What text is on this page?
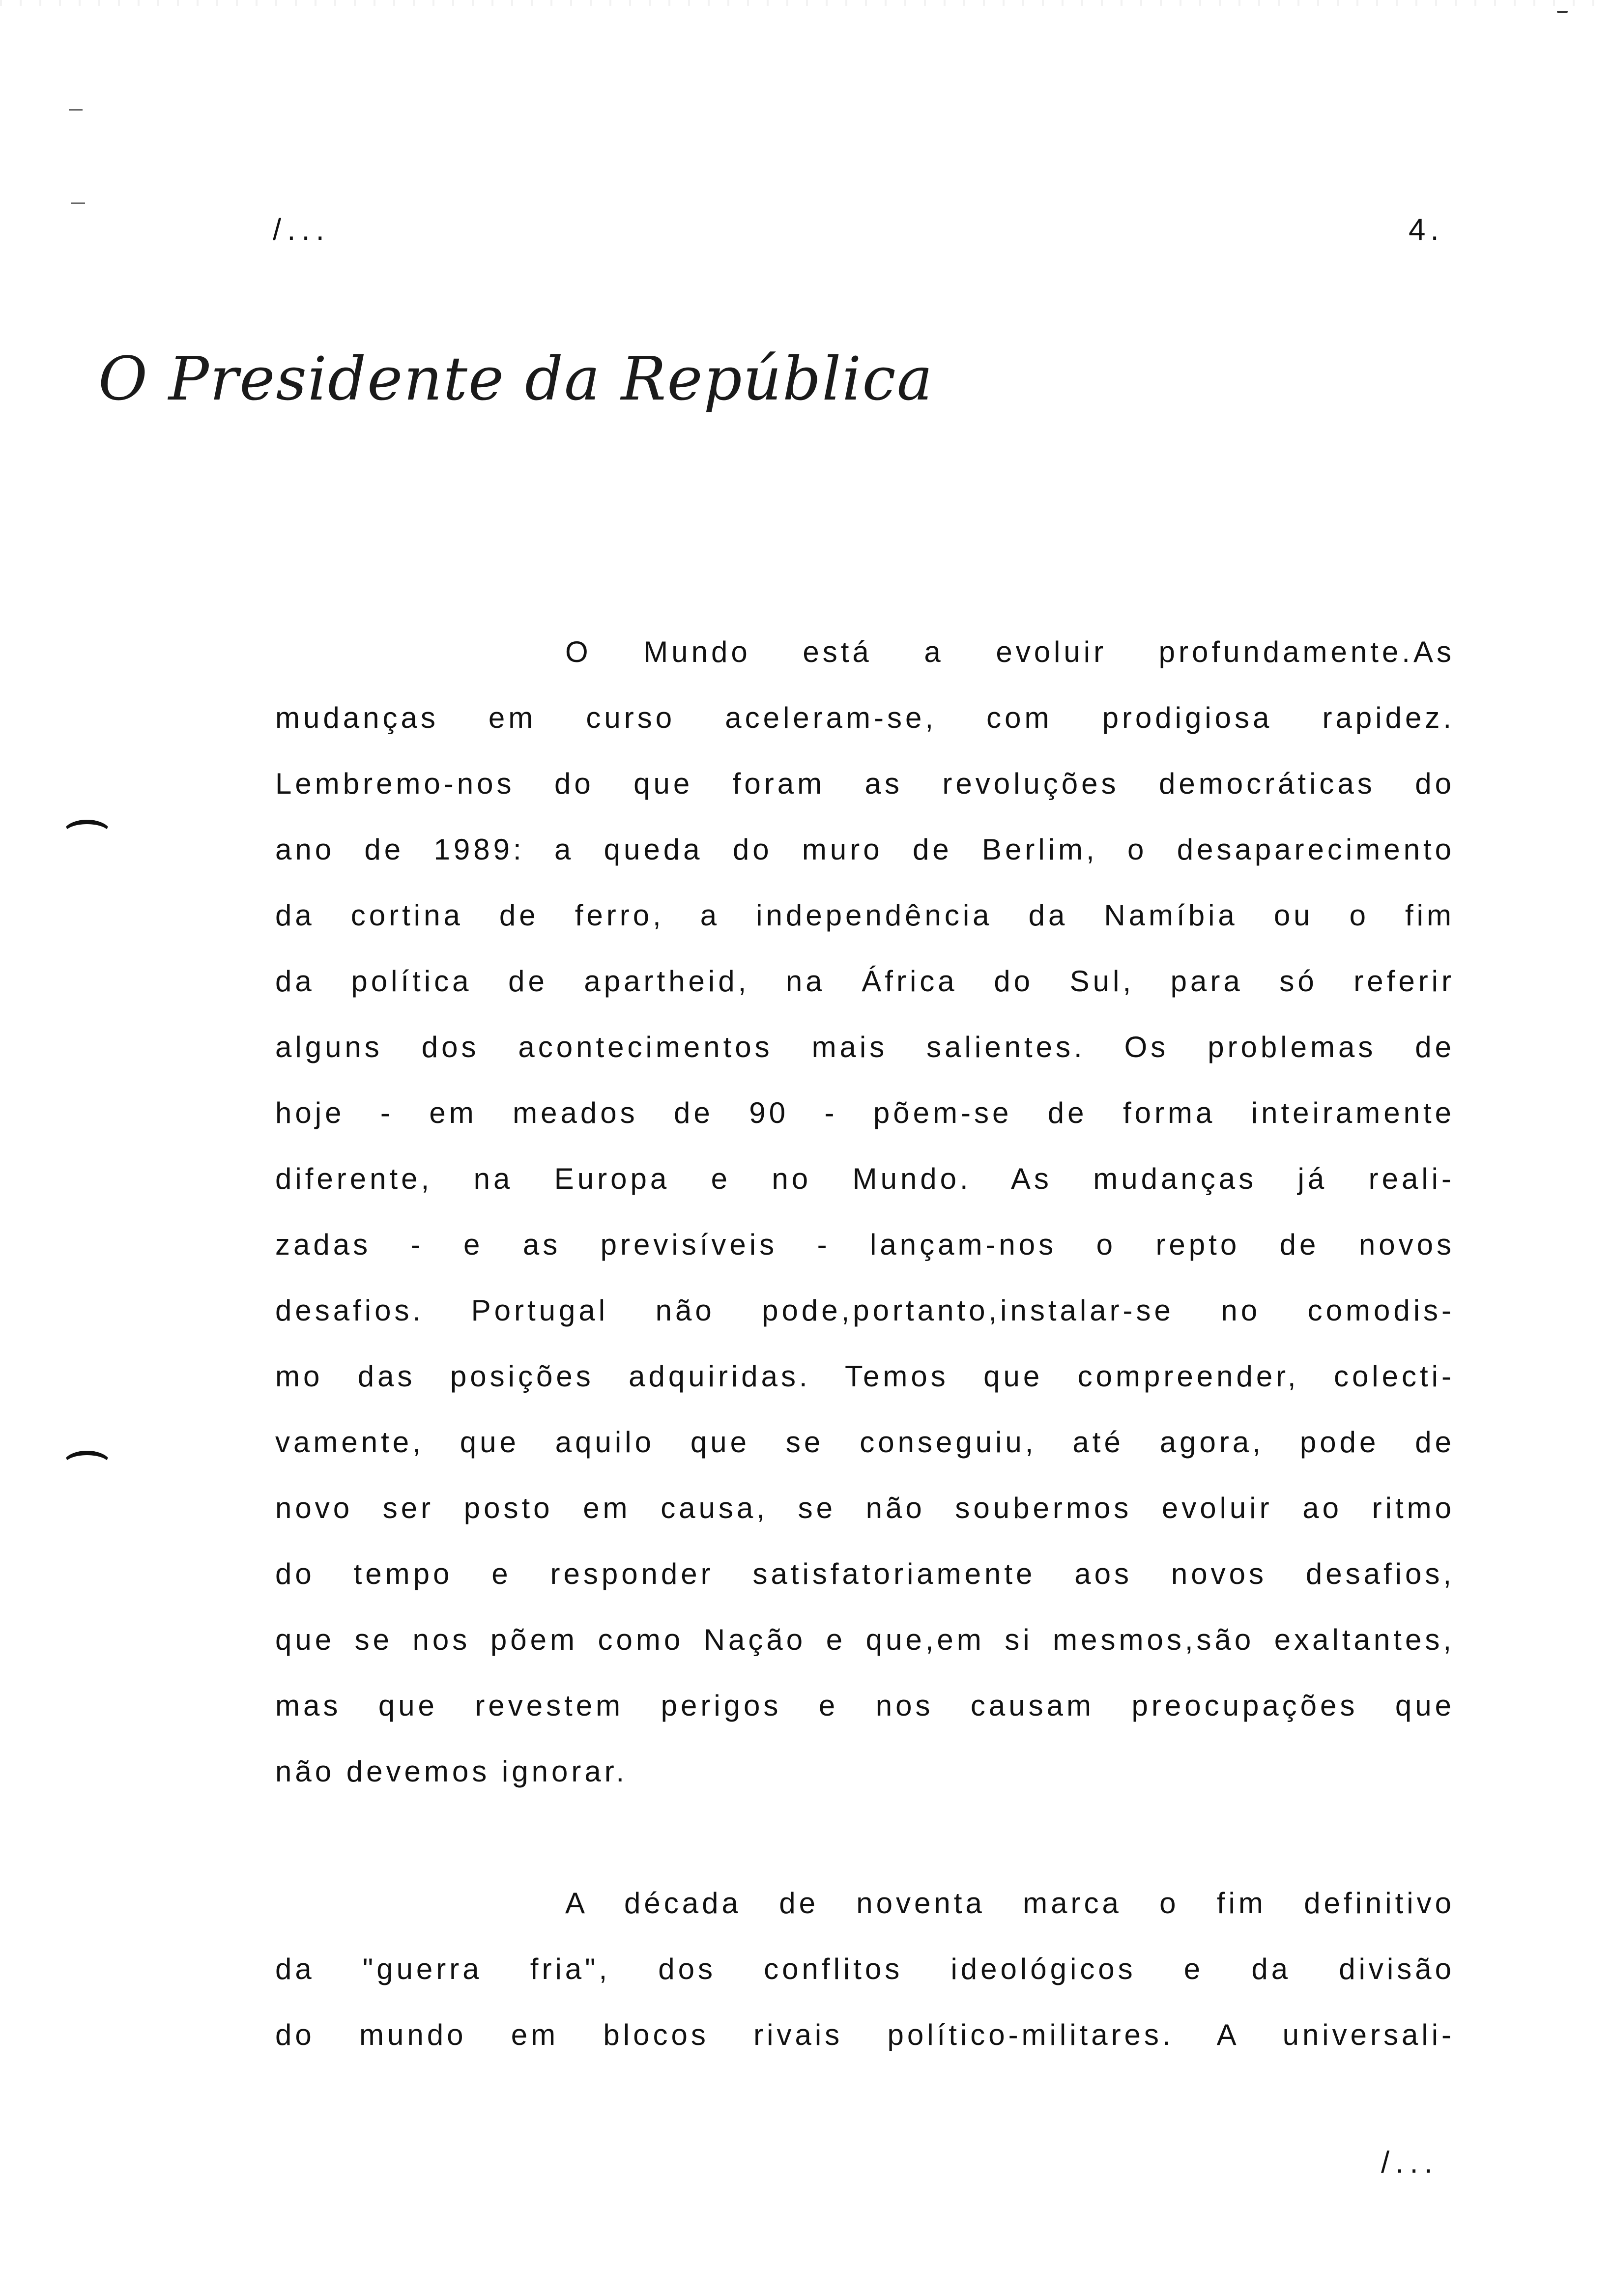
/...	4.
O Presidente da República
O Mundo está a evoluir profundamente.As
mudanças em curso aceleram-se, com prodigiosa rapidez.
Lembremo-nos do que foram as revoluções democráticas do
ano de 1989: a queda do muro de Berlim, o desaparecimento
da cortina de ferro, a independência da Namíbia ou o fim
da política de apartheid, na África do Sul, para só referir
alguns dos acontecimentos mais salientes. Os problemas de
hoje - em meados de 90 - põem-se de forma inteiramente
diferente, na Europa e no Mundo. As mudanças já reali-
zadas - e as previsíveis - lançam-nos o repto de novos
desafios. Portugal não pode,portanto,instalar-se no comodis-
mo das posições adquiridas. Temos que compreender, colecti-
vamente, que aquilo que se conseguiu, até agora, pode de
novo ser posto em causa, se não soubermos evoluir ao ritmo
do tempo e responder satisfatoriamente aos novos desafios,
que se nos põem como Nação e que,em si mesmos,são exaltantes,
mas que revestem perigos e nos causam preocupações que
não devemos ignorar.
A década de noventa marca o fim definitivo
da "guerra fria", dos conflitos ideológicos e da divisão
do mundo em blocos rivais político-militares. A universali-
/...
